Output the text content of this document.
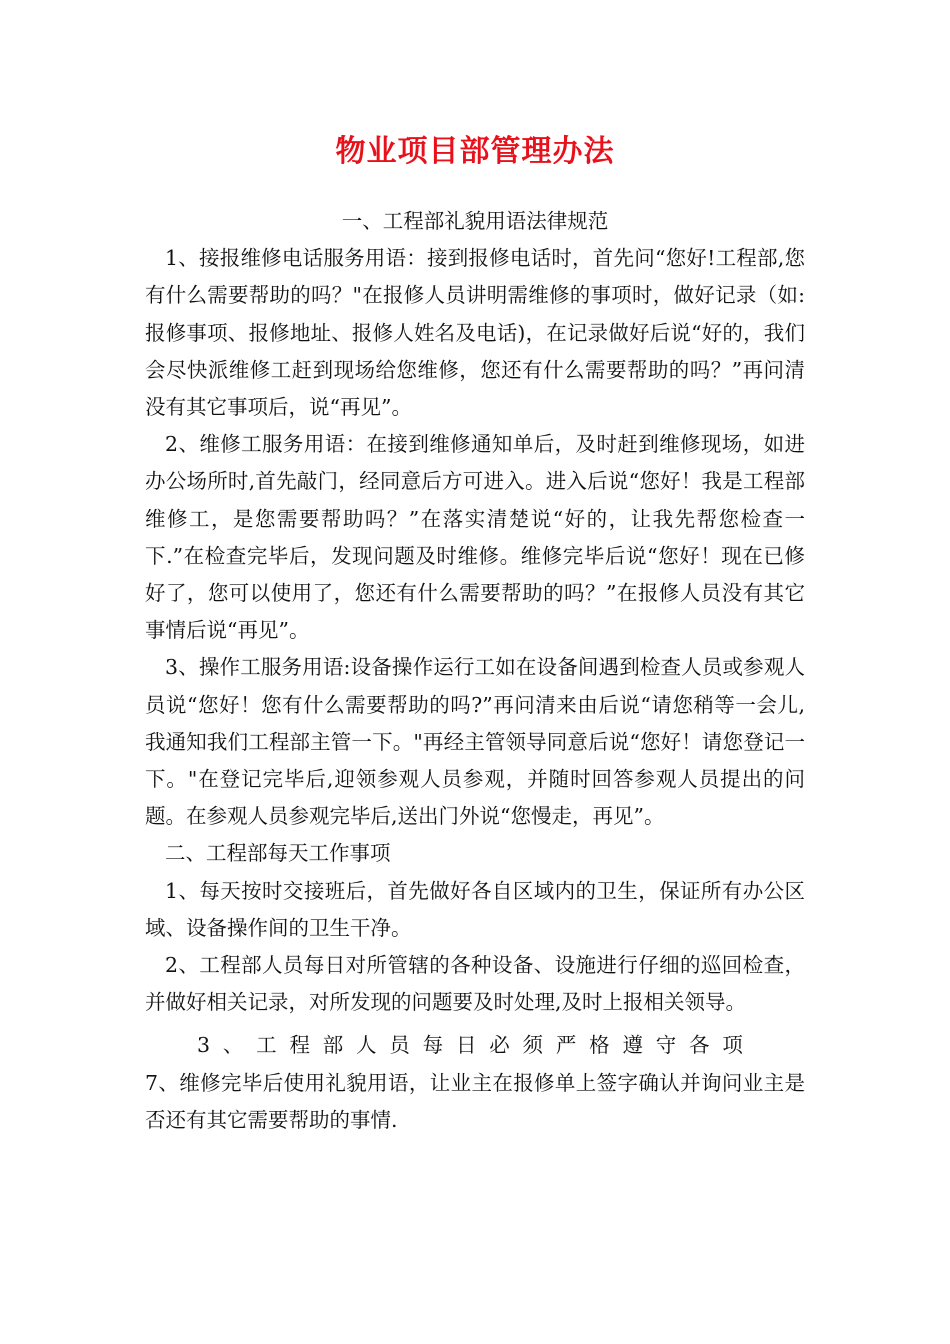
物业项目部管理办法

一、工程部礼貌用语法律规范

1、接报维修电话服务用语：接到报修电话时，首先问“您好!工程部,您有什么需要帮助的吗？"在报修人员讲明需维修的事项时，做好记录（如:报修事项、报修地址、报修人姓名及电话)，在记录做好后说“好的，我们会尽快派维修工赶到现场给您维修，您还有什么需要帮助的吗？”再问清没有其它事项后，说“再见”。

2、维修工服务用语：在接到维修通知单后，及时赶到维修现场，如进办公场所时,首先敲门，经同意后方可进入。进入后说“您好！我是工程部维修工，是您需要帮助吗？”在落实清楚说“好的，让我先帮您检查一下.”在检查完毕后，发现问题及时维修。维修完毕后说“您好！现在已修好了，您可以使用了，您还有什么需要帮助的吗？”在报修人员没有其它事情后说“再见”。

3、操作工服务用语:设备操作运行工如在设备间遇到检查人员或参观人员说“您好！您有什么需要帮助的吗?”再问清来由后说“请您稍等一会儿,我通知我们工程部主管一下。"再经主管领导同意后说“您好！请您登记一下。"在登记完毕后,迎领参观人员参观，并随时回答参观人员提出的问题。在参观人员参观完毕后,送出门外说“您慢走，再见”。

二、工程部每天工作事项

1、每天按时交接班后，首先做好各自区域内的卫生，保证所有办公区域、设备操作间的卫生干净。

2、工程部人员每日对所管辖的各种设备、设施进行仔细的巡回检查，并做好相关记录，对所发现的问题要及时处理,及时上报相关领导。

3、工程部人员每日必须严格遵守各项

7、维修完毕后使用礼貌用语，让业主在报修单上签字确认并询问业主是否还有其它需要帮助的事情.
